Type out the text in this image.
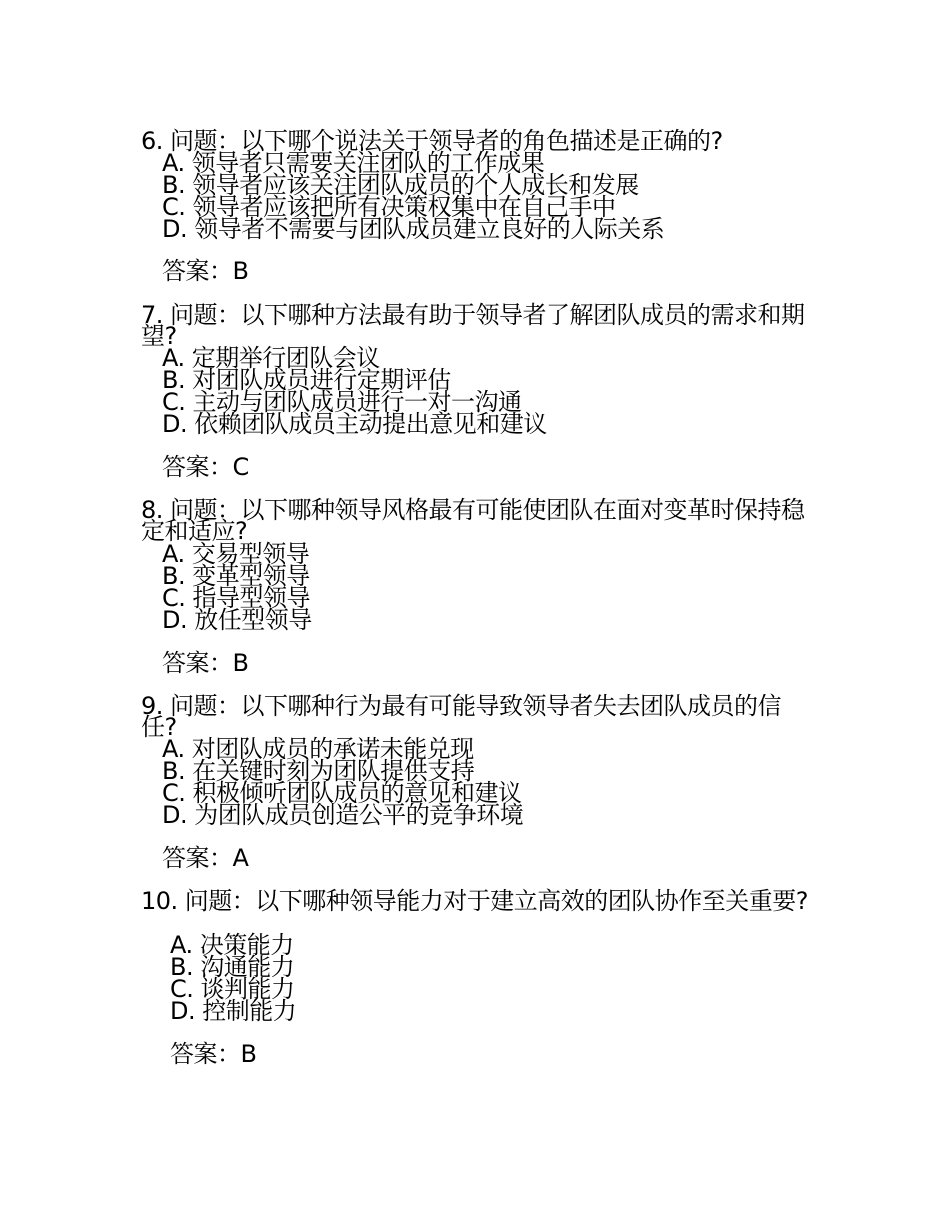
6. 问题：以下哪个说法关于领导者的角色描述是正确的?
A. 领导者只需要关注团队的工作成果
B. 领导者应该关注团队成员的个人成长和发展
C. 领导者应该把所有决策权集中在自己手中
D. 领导者不需要与团队成员建立良好的人际关系
答案：B
7. 问题：以下哪种方法最有助于领导者了解团队成员的需求和期望?
A. 定期举行团队会议
B. 对团队成员进行定期评估
C. 主动与团队成员进行一对一沟通
D. 依赖团队成员主动提出意见和建议
答案：C
8. 问题：以下哪种领导风格最有可能使团队在面对变革时保持稳定和适应?
A. 交易型领导
B. 变革型领导
C. 指导型领导
D. 放任型领导
答案：B
9. 问题：以下哪种行为最有可能导致领导者失去团队成员的信任?
A. 对团队成员的承诺未能兑现
B. 在关键时刻为团队提供支持
C. 积极倾听团队成员的意见和建议
D. 为团队成员创造公平的竞争环境
答案：A
10. 问题：以下哪种领导能力对于建立高效的团队协作至关重要?
A. 决策能力
B. 沟通能力
C. 谈判能力
D. 控制能力
答案：B
